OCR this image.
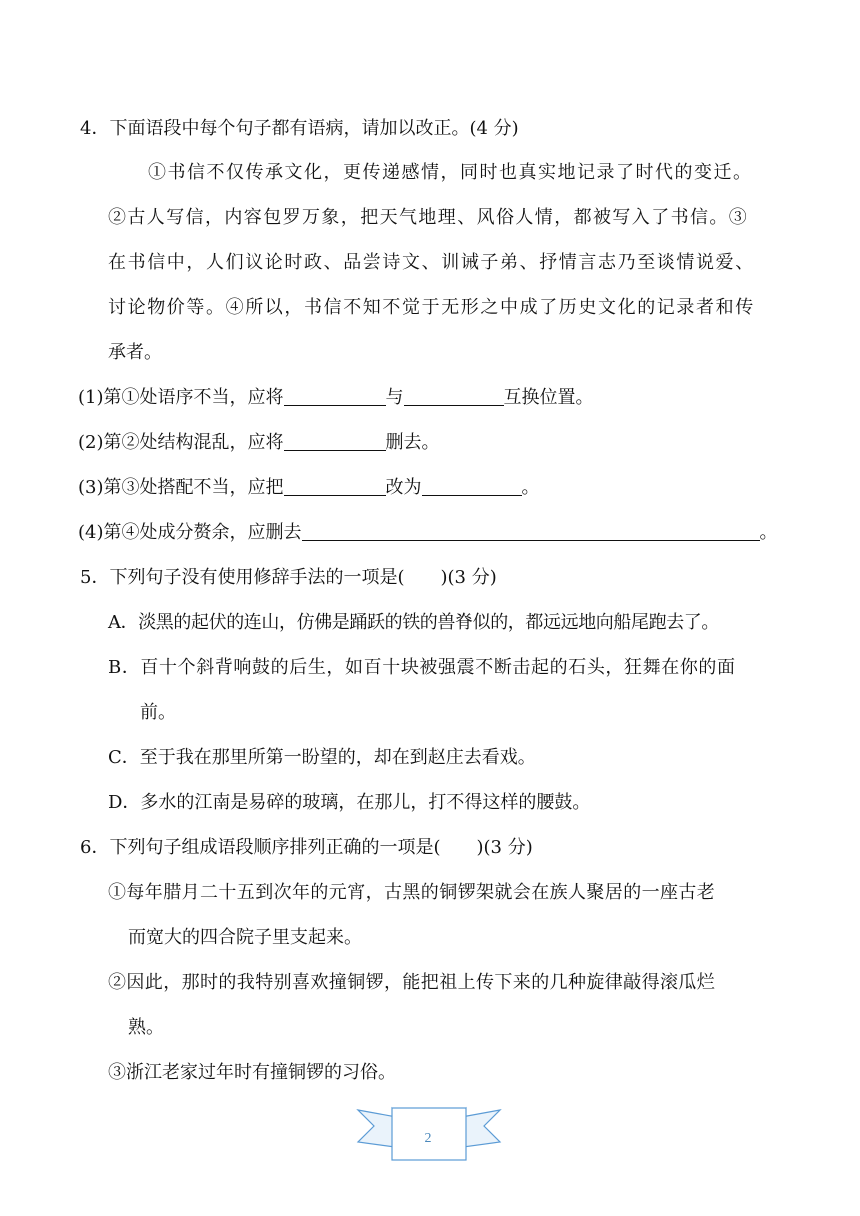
4．下面语段中每个句子都有语病，请加以改正。(4 分)
①书信不仅传承文化，更传递感情，同时也真实地记录了时代的变迁。
②古人写信，内容包罗万象，把天气地理、风俗人情，都被写入了书信。③
在书信中，人们议论时政、品尝诗文、训诫子弟、抒情言志乃至谈情说爱、
讨论物价等。④所以，书信不知不觉于无形之中成了历史文化的记录者和传
承者。
(1)第①处语序不当，应将	与	互换位置。
(2)第②处结构混乱，应将	删去。
(3)第③处搭配不当，应把	改为	。
(4)第④处成分赘余，应删去	。
5．下列句子没有使用修辞手法的一项是(　　)(3 分)
A．淡黑的起伏的连山，仿佛是踊跃的铁的兽脊似的，都远远地向船尾跑去了。
B．百十个斜背响鼓的后生，如百十块被强震不断击起的石头，狂舞在你的面
前。
C．至于我在那里所第一盼望的，却在到赵庄去看戏。
D．多水的江南是易碎的玻璃，在那儿，打不得这样的腰鼓。
6．下列句子组成语段顺序排列正确的一项是(　　)(3 分)
①每年腊月二十五到次年的元宵，古黑的铜锣架就会在族人聚居的一座古老
而宽大的四合院子里支起来。
②因此，那时的我特别喜欢撞铜锣，能把祖上传下来的几种旋律敲得滚瓜烂
熟。
③浙江老家过年时有撞铜锣的习俗。
2
